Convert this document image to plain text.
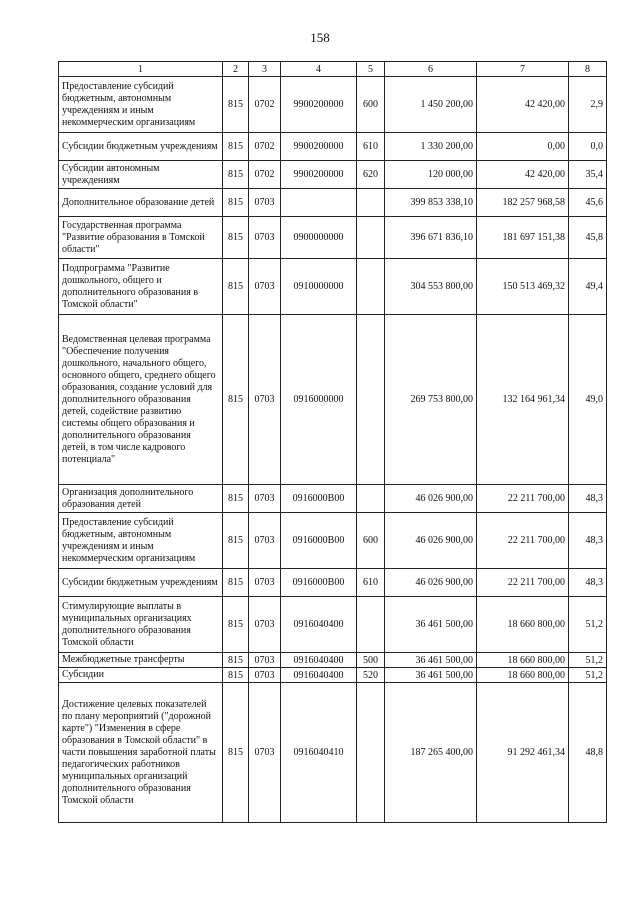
158
1	2	3	4	5	6	7	8
Предоставление субсидий бюджетным, автономным учреждениям и иным некоммерческим организациям	815	0702	9900200000	600	1 450 200,00	42 420,00	2,9
Субсидии бюджетным учреждениям	815	0702	9900200000	610	1 330 200,00	0,00	0,0
Субсидии автономным учреждениям	815	0702	9900200000	620	120 000,00	42 420,00	35,4
Дополнительное образование детей	815	0703			399 853 338,10	182 257 968,58	45,6
Государственная программа "Развитие образования в Томской области"	815	0703	0900000000		396 671 836,10	181 697 151,38	45,8
Подпрограмма "Развитие дошкольного, общего и дополнительного образования в Томской области"	815	0703	0910000000		304 553 800,00	150 513 469,32	49,4
Ведомственная целевая программа "Обеспечение получения дошкольного, начального общего, основного общего, среднего общего образования, создание условий для дополнительного образования детей, содействие развитию системы общего образования и дополнительного образования детей, в том числе кадрового потенциала"	815	0703	0916000000		269 753 800,00	132 164 961,34	49,0
Организация дополнительного образования детей	815	0703	0916000В00		46 026 900,00	22 211 700,00	48,3
Предоставление субсидий бюджетным, автономным учреждениям и иным некоммерческим организациям	815	0703	0916000В00	600	46 026 900,00	22 211 700,00	48,3
Субсидии бюджетным учреждениям	815	0703	0916000В00	610	46 026 900,00	22 211 700,00	48,3
Стимулирующие выплаты в муниципальных организациях дополнительного образования Томской области	815	0703	0916040400		36 461 500,00	18 660 800,00	51,2
Межбюджетные трансферты	815	0703	0916040400	500	36 461 500,00	18 660 800,00	51,2
Субсидии	815	0703	0916040400	520	36 461 500,00	18 660 800,00	51,2
Достижение целевых показателей по плану мероприятий ("дорожной карте") "Изменения в сфере образования в Томской области" в части повышения заработной платы педагогических работников муниципальных организаций дополнительного образования Томской области	815	0703	0916040410		187 265 400,00	91 292 461,34	48,8
